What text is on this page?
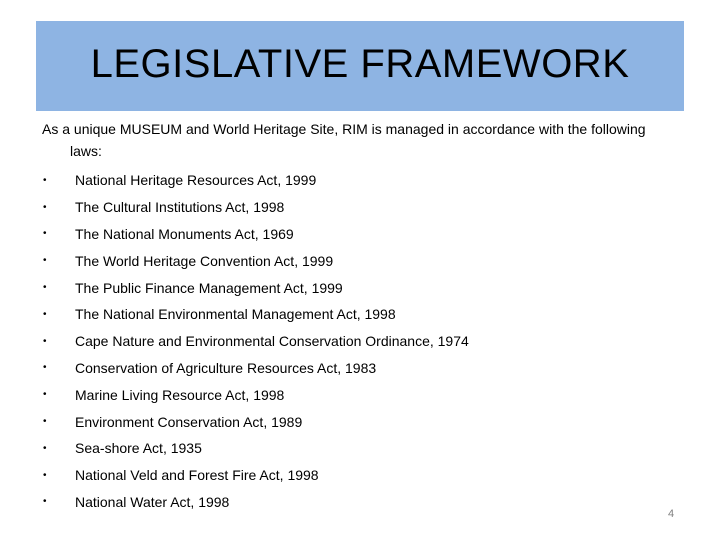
LEGISLATIVE FRAMEWORK
As a unique MUSEUM and World Heritage Site, RIM is managed in accordance with the following laws:
•	National Heritage Resources Act, 1999
•	The Cultural Institutions Act, 1998
•	The National Monuments Act, 1969
•	The World Heritage Convention Act, 1999
•	The Public Finance Management Act, 1999
•	The National Environmental Management Act, 1998
•	Cape Nature and Environmental Conservation Ordinance, 1974
•	Conservation of Agriculture Resources Act, 1983
•	Marine Living Resource Act, 1998
•	Environment Conservation Act, 1989
•	Sea-shore Act, 1935
•	National Veld and Forest Fire Act, 1998
•	National Water Act, 1998
4
